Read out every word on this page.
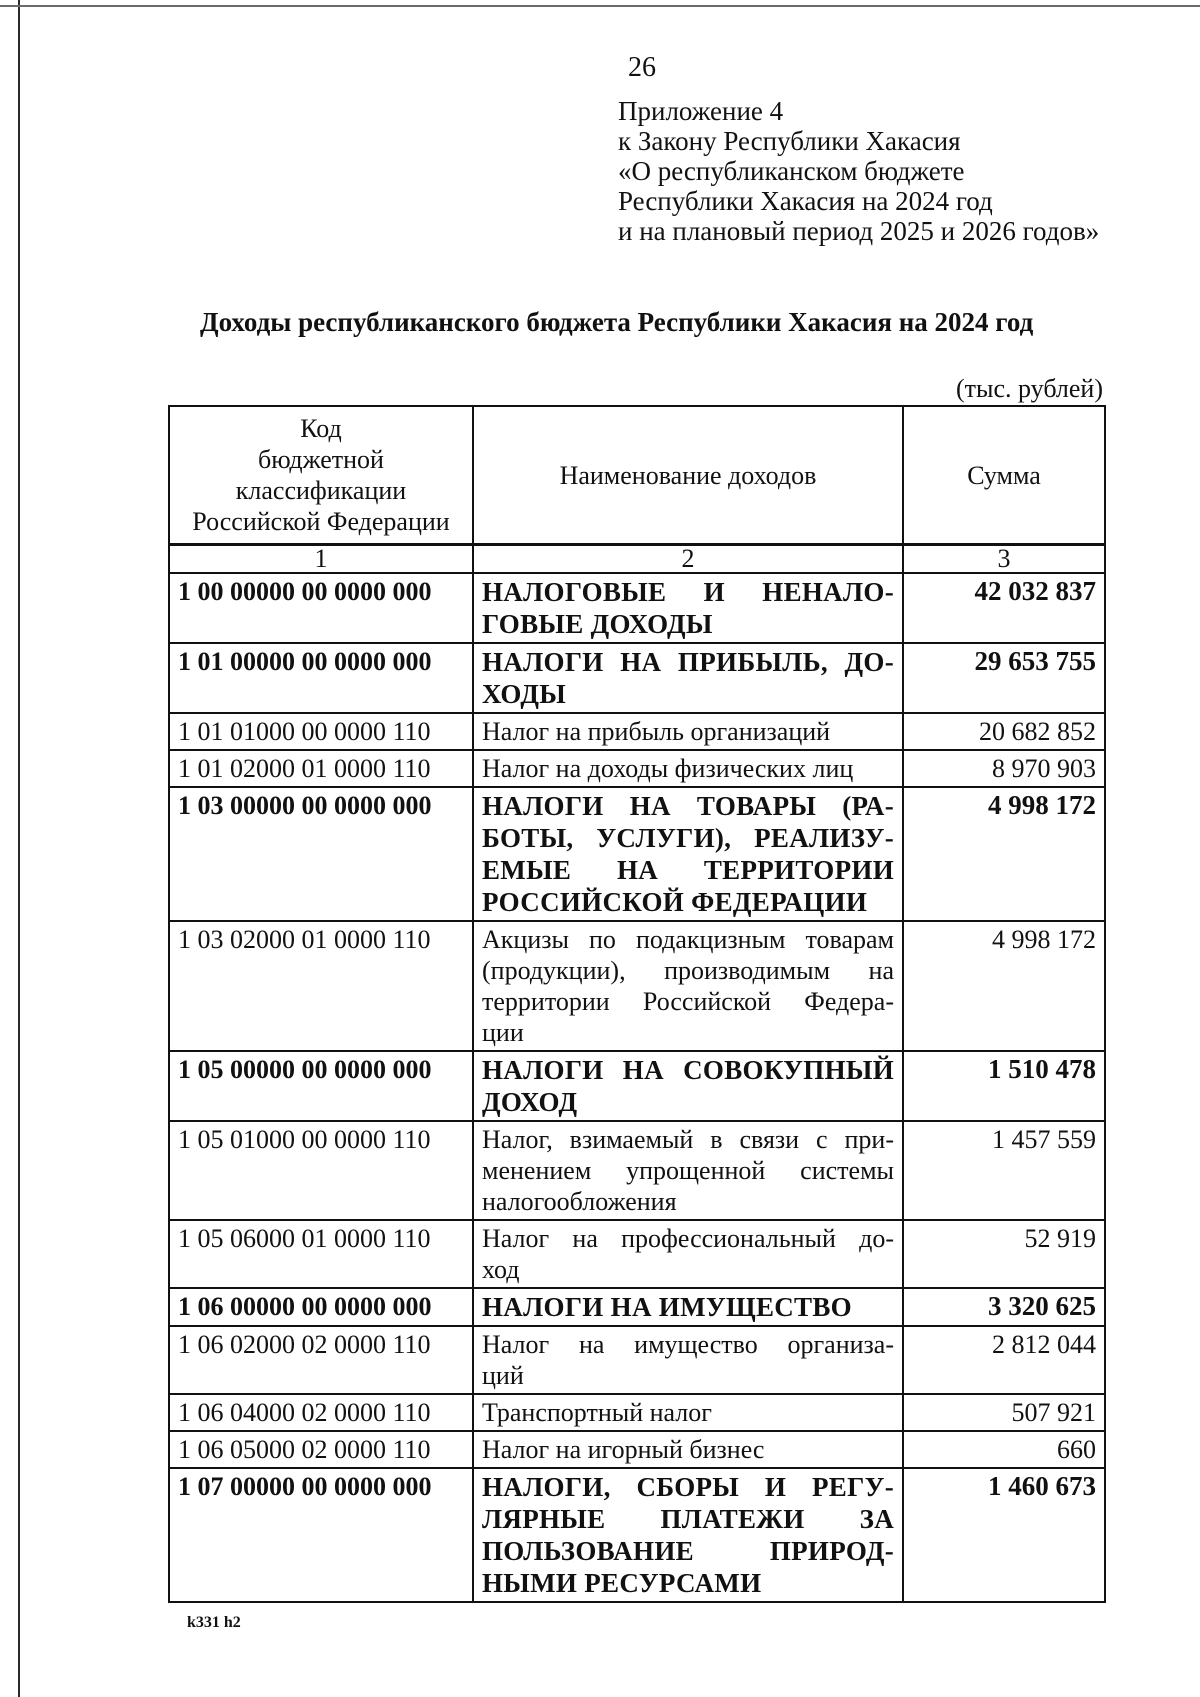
26
Приложение 4
к Закону Республики Хакасия
«О республиканском бюджете
Республики Хакасия на 2024 год
и на плановый период 2025 и 2026 годов»
Доходы республиканского бюджета Республики Хакасия на 2024 год
(тыс. рублей)
Код
бюджетной
классификации
Российской Федерации	Наименование доходов	Сумма

1	2	3
1 00 00000 00 0000 000	НАЛОГОВЫЕ И НЕНАЛО-
ГОВЫЕ ДОХОДЫ	42 032 837
1 01 00000 00 0000 000	НАЛОГИ НА ПРИБЫЛЬ, ДО-
ХОДЫ	29 653 755
1 01 01000 00 0000 110	Налог на прибыль организаций	20 682 852
1 01 02000 01 0000 110	Налог на доходы физических лиц	8 970 903
1 03 00000 00 0000 000	НАЛОГИ НА ТОВАРЫ (РА-
БОТЫ, УСЛУГИ), РЕАЛИЗУ-
ЕМЫЕ НА ТЕРРИТОРИИ
РОССИЙСКОЙ ФЕДЕРАЦИИ	4 998 172
1 03 02000 01 0000 110	Акцизы по подакцизным товарам
(продукции), производимым на
территории Российской Федера-
ции	4 998 172
1 05 00000 00 0000 000	НАЛОГИ НА СОВОКУПНЫЙ
ДОХОД	1 510 478
1 05 01000 00 0000 110	Налог, взимаемый в связи с при-
менением упрощенной системы
налогообложения	1 457 559
1 05 06000 01 0000 110	Налог на профессиональный до-
ход	52 919
1 06 00000 00 0000 000	НАЛОГИ НА ИМУЩЕСТВО	3 320 625
1 06 02000 02 0000 110	Налог на имущество организа-
ций	2 812 044
1 06 04000 02 0000 110	Транспортный налог	507 921
1 06 05000 02 0000 110	Налог на игорный бизнес	660
1 07 00000 00 0000 000	НАЛОГИ, СБОРЫ И РЕГУ-
ЛЯРНЫЕ ПЛАТЕЖИ ЗА
ПОЛЬЗОВАНИЕ ПРИРОД-
НЫМИ РЕСУРСАМИ	1 460 673
k331 h2
